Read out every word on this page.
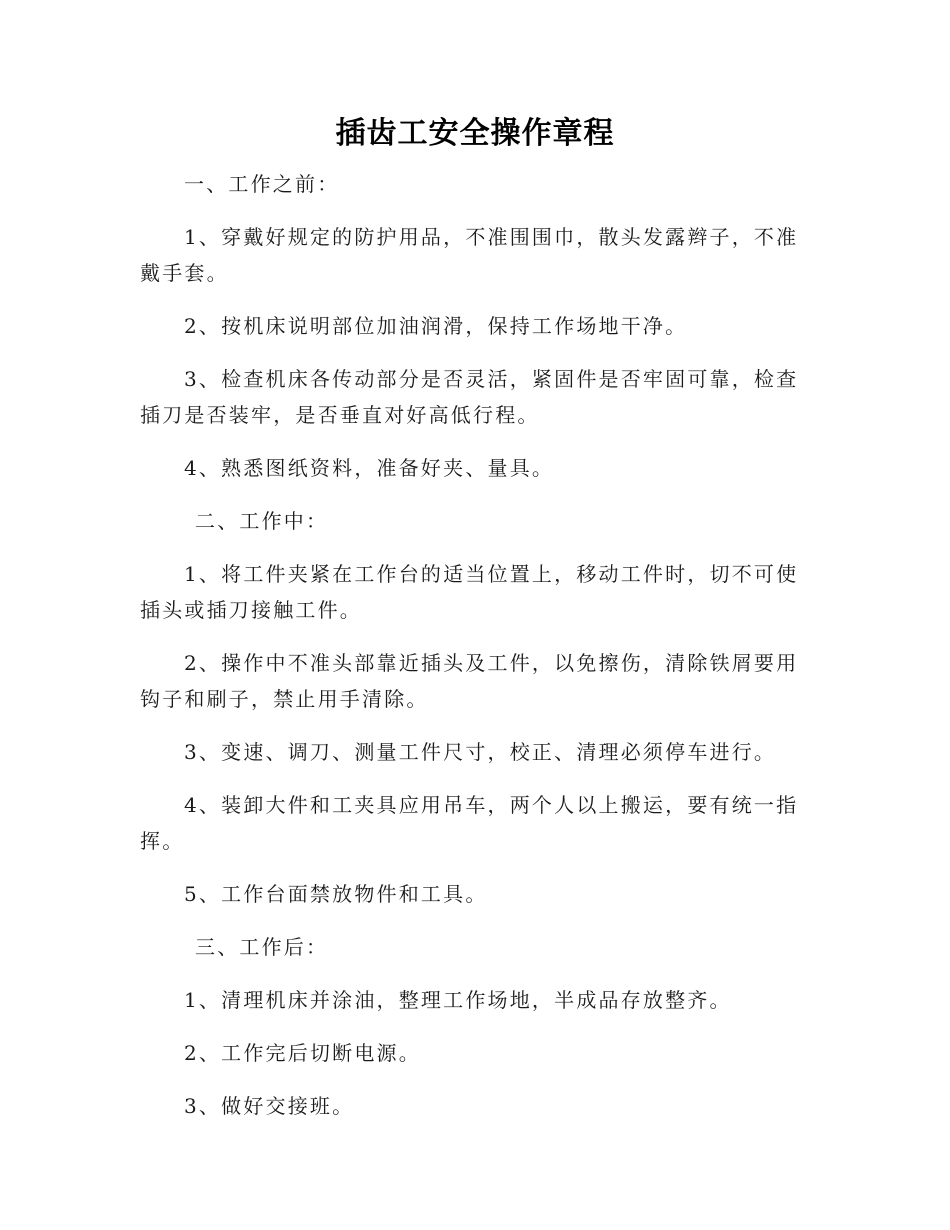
插齿工安全操作章程

一、工作之前：

1、穿戴好规定的防护用品，不准围围巾，散头发露辫子，不准戴手套。

2、按机床说明部位加油润滑，保持工作场地干净。

3、检查机床各传动部分是否灵活，紧固件是否牢固可靠，检查插刀是否装牢，是否垂直对好高低行程。

4、熟悉图纸资料，准备好夹、量具。

二、工作中：

1、将工件夹紧在工作台的适当位置上，移动工件时，切不可使插头或插刀接触工件。

2、操作中不准头部靠近插头及工件，以免擦伤，清除铁屑要用钩子和刷子，禁止用手清除。

3、变速、调刀、测量工件尺寸，校正、清理必须停车进行。

4、装卸大件和工夹具应用吊车，两个人以上搬运，要有统一指挥。

5、工作台面禁放物件和工具。

三、工作后：

1、清理机床并涂油，整理工作场地，半成品存放整齐。

2、工作完后切断电源。

3、做好交接班。
